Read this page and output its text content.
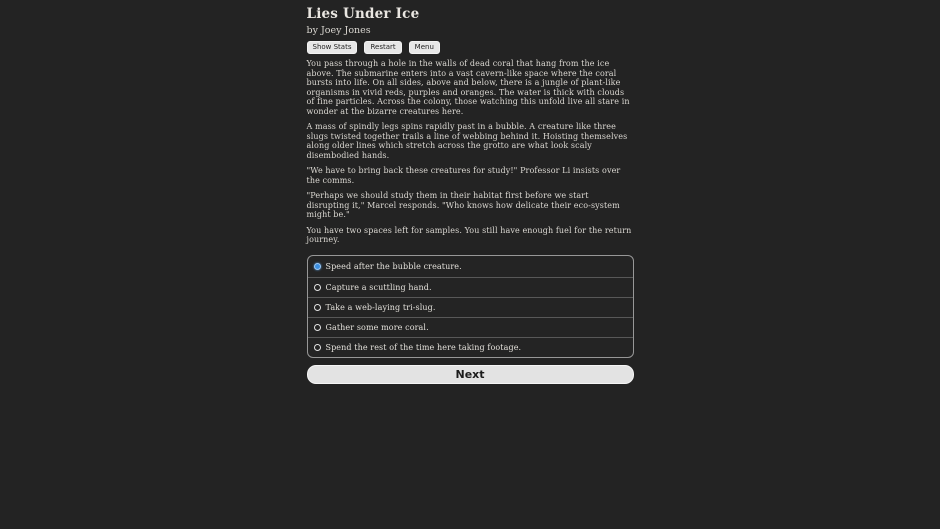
Lies Under Ice
by Joey Jones
Show Stats	Restart	Menu

You pass through a hole in the walls of dead coral that hang from the ice above. The submarine enters into a vast cavern-like space where the coral bursts into life. On all sides, above and below, there is a jungle of plant-like organisms in vivid reds, purples and oranges. The water is thick with clouds of fine particles. Across the colony, those watching this unfold live all stare in wonder at the bizarre creatures here.

A mass of spindly legs spins rapidly past in a bubble. A creature like three slugs twisted together trails a line of webbing behind it. Hoisting themselves along older lines which stretch across the grotto are what look scaly disembodied hands.

"We have to bring back these creatures for study!" Professor Li insists over the comms.

"Perhaps we should study them in their habitat first before we start disrupting it," Marcel responds. "Who knows how delicate their eco-system might be."

You have two spaces left for samples. You still have enough fuel for the return journey.

Speed after the bubble creature.
Capture a scuttling hand.
Take a web-laying tri-slug.
Gather some more coral.
Spend the rest of the time here taking footage.
Next
